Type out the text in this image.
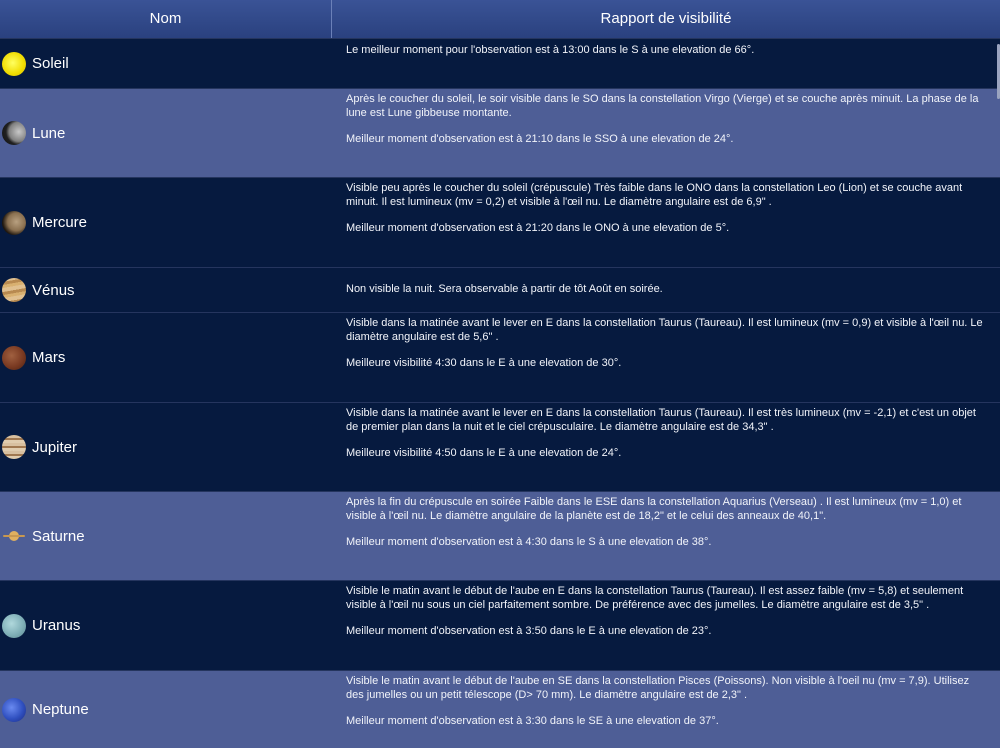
Nom	Rapport de visibilité
Soleil

Le meilleur moment pour l'observation est à 13:00 dans le S à une elevation de 66°.

Lune

Après le coucher du soleil, le soir visible dans le SO dans la constellation Virgo (Vierge) et se couche après minuit. La phase de la lune est Lune gibbeuse montante.

Meilleur moment d'observation est à 21:10 dans le SSO à une elevation de 24°.

Mercure

Visible peu après le coucher du soleil (crépuscule) Très faible dans le ONO dans la constellation Leo (Lion) et se couche avant minuit. Il est lumineux (mv = 0,2) et visible à l'œil nu. Le diamètre angulaire est de 6,9" .

Meilleur moment d'observation est à 21:20 dans le ONO à une elevation de 5°.

Vénus	Non visible la nuit. Sera observable à partir de tôt Août en soirée.

Mars

Visible dans la matinée avant le lever en E dans la constellation Taurus (Taureau). Il est lumineux (mv = 0,9) et visible à l'œil nu. Le diamètre angulaire est de 5,6" .

Meilleure visibilité 4:30 dans le E à une elevation de 30°.

Jupiter

Visible dans la matinée avant le lever en E dans la constellation Taurus (Taureau). Il est très lumineux (mv = -2,1) et c'est un objet de premier plan dans la nuit et le ciel crépusculaire. Le diamètre angulaire est de 34,3" .

Meilleure visibilité 4:50 dans le E à une elevation de 24°.

Saturne

Après la fin du crépuscule en soirée Faible dans le ESE dans la constellation Aquarius (Verseau) . Il est lumineux (mv = 1,0) et visible à l'œil nu. Le diamètre angulaire de la planète est de 18,2" et le celui des anneaux de 40,1".

Meilleur moment d'observation est à 4:30 dans le S à une elevation de 38°.

Uranus

Visible le matin avant le début de l'aube en E dans la constellation Taurus (Taureau). Il est assez faible (mv = 5,8) et seulement visible à l'œil nu sous un ciel parfaitement sombre. De préférence avec des jumelles. Le diamètre angulaire est de 3,5" .

Meilleur moment d'observation est à 3:50 dans le E à une elevation de 23°.

Neptune

Visible le matin avant le début de l'aube en SE dans la constellation Pisces (Poissons). Non visible à l'oeil nu (mv = 7,9). Utilisez des jumelles ou un petit télescope (D> 70 mm). Le diamètre angulaire est de 2,3" .

Meilleur moment d'observation est à 3:30 dans le SE à une elevation de 37°.
